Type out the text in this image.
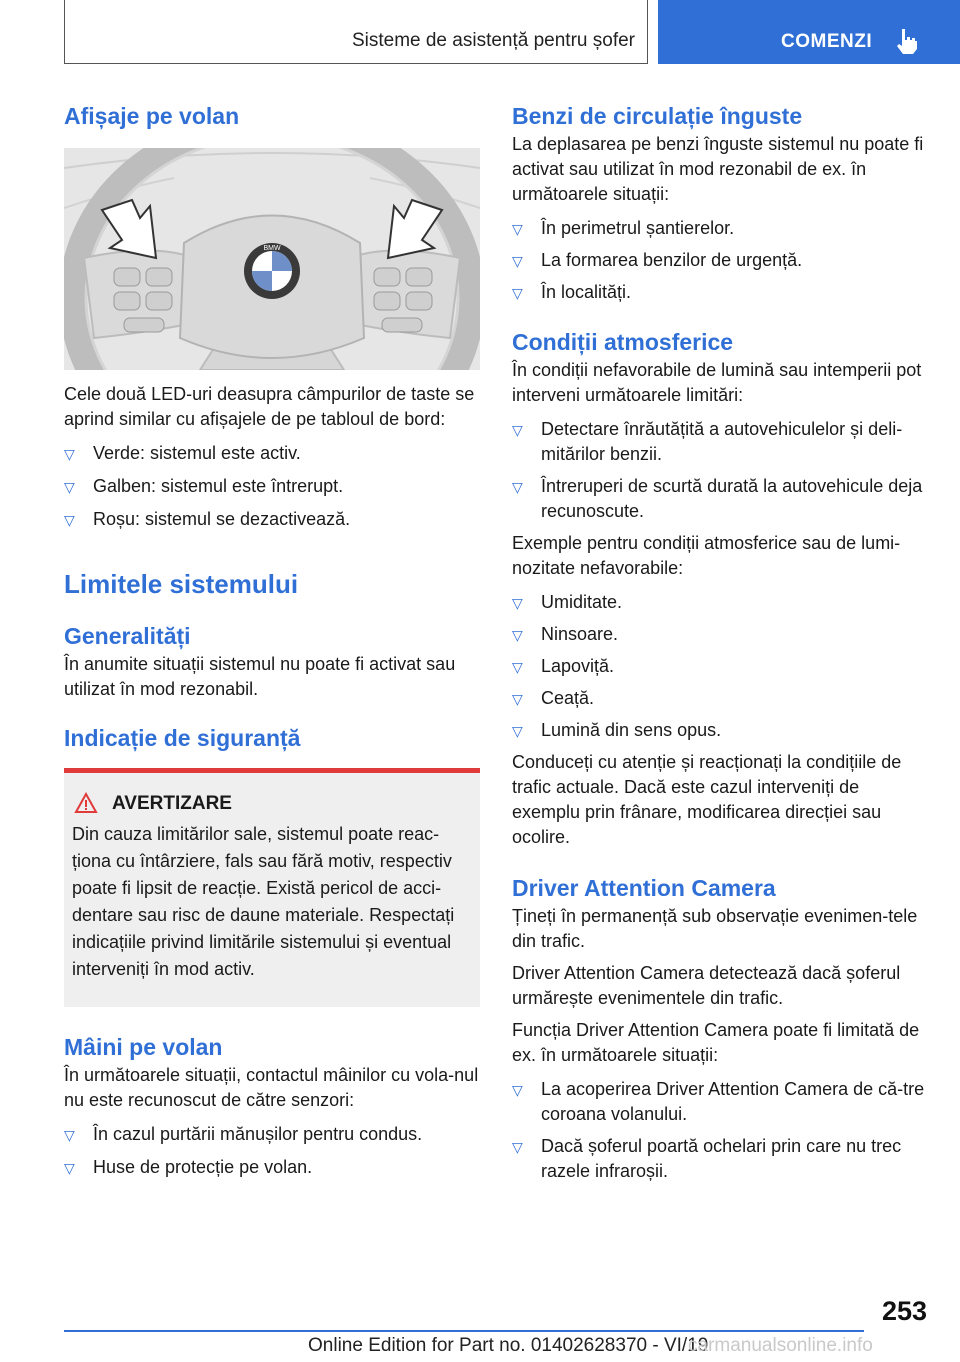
Sisteme de asistență pentru șofer	COMENZI
Afișaje pe volan
BMW

Cele două LED-uri deasupra câmpurilor de taste se aprind similar cu afișajele de pe tabloul de bord:

▽ Verde: sistemul este activ.
▽ Galben: sistemul este întrerupt.
▽ Roșu: sistemul se dezactivează.
Limitele sistemului
Generalități

În anumite situații sistemul nu poate fi activat sau utilizat în mod rezonabil.

Indicație de siguranță
AVERTIZARE

Din cauza limitărilor sale, sistemul poate reac-ționa cu întârziere, fals sau fără motiv, respectiv poate fi lipsit de reacție. Există pericol de acci-dentare sau risc de daune materiale. Respectați indicațiile privind limitările sistemului și eventual interveniți în mod activ.

Mâini pe volan

În următoarele situații, contactul mâinilor cu vola-nul nu este recunoscut de către senzori:

▽ În cazul purtării mănușilor pentru condus.
▽ Huse de protecție pe volan.
Benzi de circulație înguste

La deplasarea pe benzi înguste sistemul nu poate fi activat sau utilizat în mod rezonabil de ex. în următoarele situații:

▽ În perimetrul șantierelor.
▽ La formarea benzilor de urgență.
▽ În localități.
Condiții atmosferice

În condiții nefavorabile de lumină sau intemperii pot interveni următoarele limitări:

▽ Detectare înrăutățită a autovehiculelor și deli-mitărilor benzii.
▽ Întreruperi de scurtă durată la autovehicule deja recunoscute.

Exemple pentru condiții atmosferice sau de lumi-nozitate nefavorabile:

▽ Umiditate.
▽ Ninsoare.
▽ Lapoviță.
▽ Ceață.
▽ Lumină din sens opus.

Conduceți cu atenție și reacționați la condițiile de trafic actuale. Dacă este cazul interveniți de exemplu prin frânare, modificarea direcției sau ocolire.

Driver Attention Camera

Țineți în permanență sub observație evenimen-tele din trafic.

Driver Attention Camera detectează dacă șoferul urmărește evenimentele din trafic.

Funcția Driver Attention Camera poate fi limitată de ex. în următoarele situații:

▽ La acoperirea Driver Attention Camera de că-tre coroana volanului.
▽ Dacă șoferul poartă ochelari prin care nu trec razele infraroșii.
253
Online Edition for Part no. 01402628370 - VI/19
carmanualsonline.info
